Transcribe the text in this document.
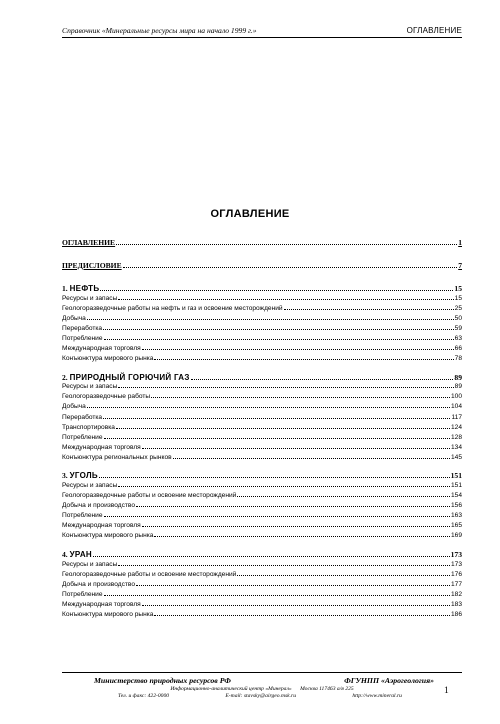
Справочник «Минеральные ресурсы мира на начало 1999 г.»	ОГЛАВЛЕНИЕ
ОГЛАВЛЕНИЕ
ОГЛАВЛЕНИЕ	1
ПРЕДИСЛОВИЕ	7
1. НЕФТЬ	15
Ресурсы и запасы	15
Геологоразведочные работы на нефть и газ и освоение месторождений	25
Добыча	50
Переработка	59
Потребление	63
Международная торговля	66
Конъюнктура мирового рынка	78
2. ПРИРОДНЫЙ ГОРЮЧИЙ ГАЗ	89
Ресурсы и запасы	89
Геологоразведочные работы	100
Добыча	104
Переработка	117
Транспортировка	124
Потребление	128
Международная торговля	134
Конъюнктура региональных рынков	145
3. УГОЛЬ	151
Ресурсы и запасы	151
Геологоразведочные работы и освоение месторождений	154
Добыча и производство	156
Потребление	163
Международная торговля	165
Конъюнктура мирового рынка	169
4. УРАН	173
Ресурсы и запасы	173
Геологоразведочные работы и освоение месторождений	176
Добыча и производство	177
Потребление	182
Международная торговля	183
Конъюнктура мирового рынка	186
Министерство природных ресурсов РФ	ФГУНПП «Аэрогеология»
Информационно-аналитический центр «Минерал» Москва 117463 а/я 225
Тел. и факс: 422-0000	E-mail: stavsky@airgeo.msk.ru	http://www.mineral.ru	1
